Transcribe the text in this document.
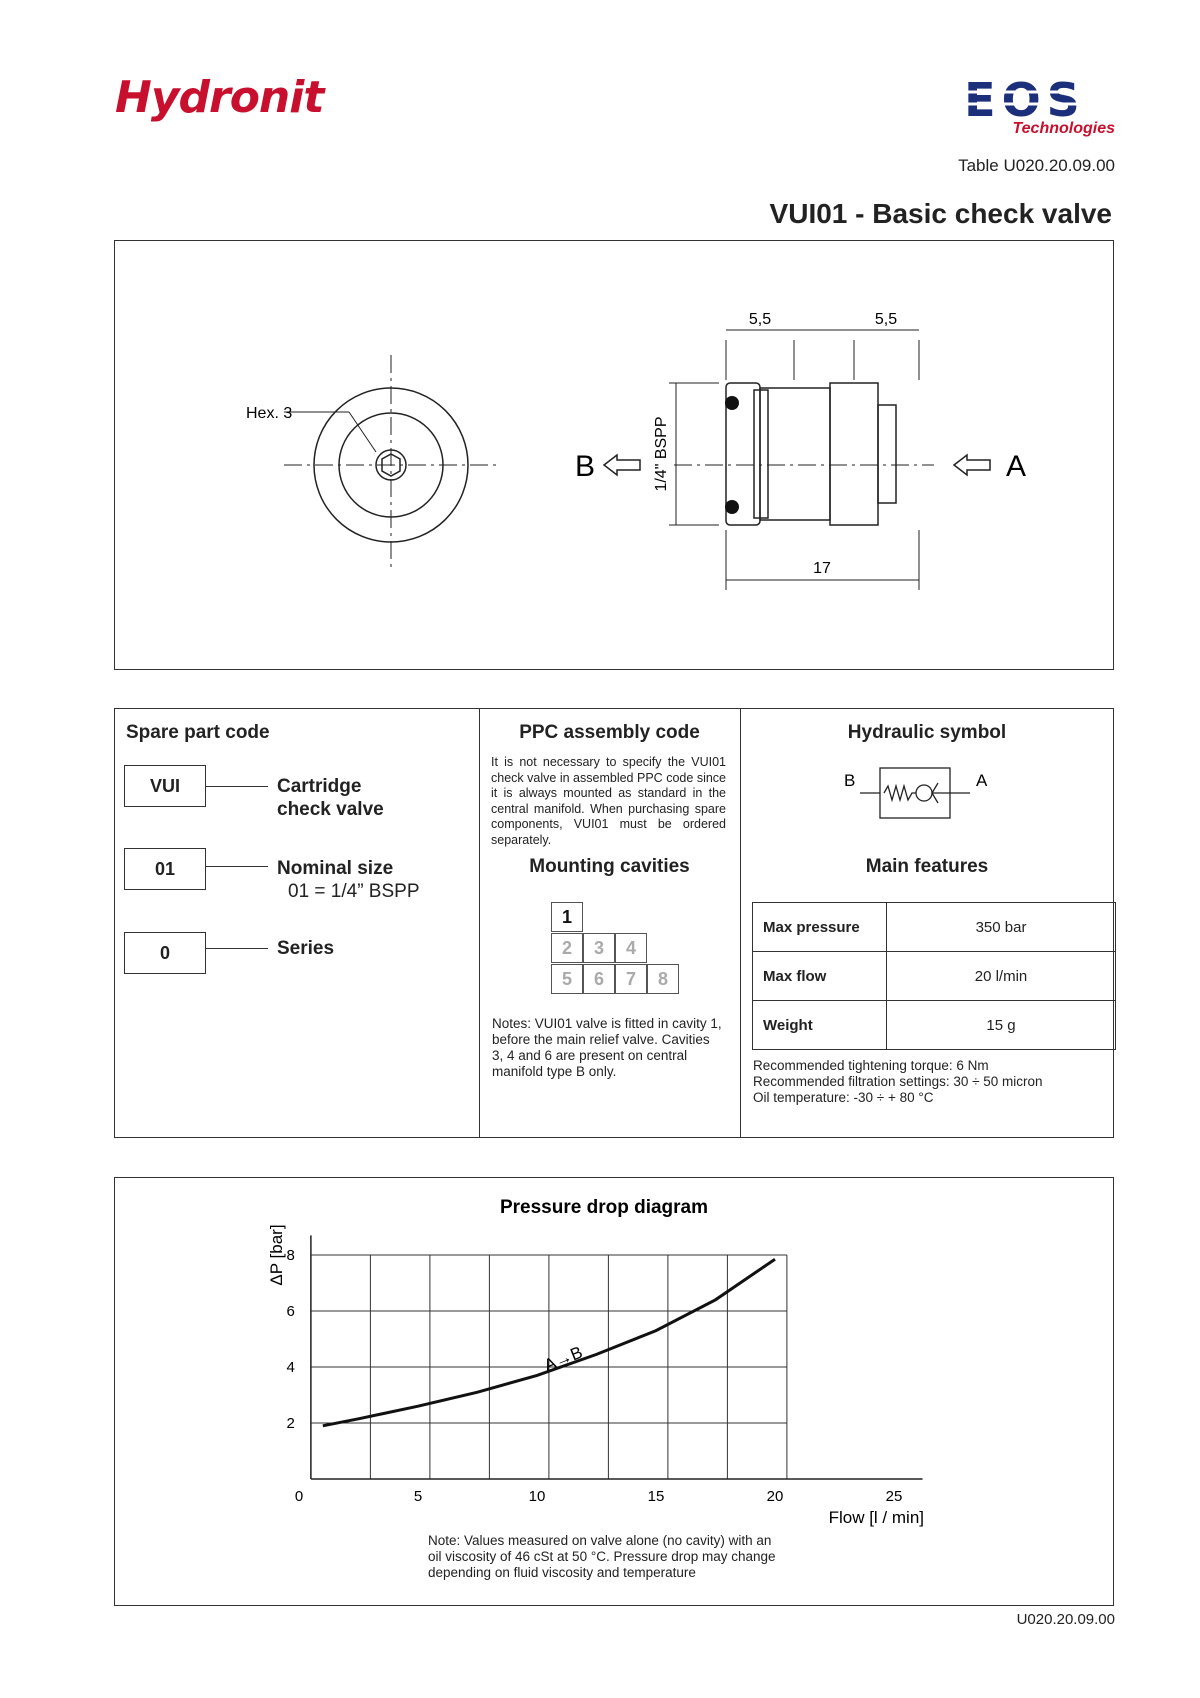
Hydronit	EOS
Technologies
Table U020.20.09.00
VUI01 - Basic check valve
Hex. 3
5,5	5,5
17
1/4" BSPP
B	A
Spare part code
VUI	Cartridge
check valve
01	Nominal size
01 = 1/4” BSPP
0	Series
PPC assembly code
It is not necessary to specify the VUI01 check valve in assembled PPC code since it is always mounted as standard in the central manifold. When purchasing spare components, VUI01 must be ordered separately.
Mounting cavities
1
2	3	4
5	6	7	8
Notes: VUI01 valve is fitted in cavity 1, before the main relief valve. Cavities 3, 4 and 6 are present on central manifold type B only.
Hydraulic symbol
B	A
Main features
Max pressure	350 bar
Max flow	20 l/min
Weight	15 g
Recommended tightening torque: 6 Nm
Recommended filtration settings: 30 ÷ 50 micron
Oil temperature: -30 ÷ + 80 °C
Pressure drop diagram
ΔP [bar]
Flow [l / min]
0	5	10	15	20	25
2
4
6
8
A→B
Note: Values measured on valve alone (no cavity) with an oil viscosity of 46 cSt at 50 °C. Pressure drop may change depending on fluid viscosity and temperature
U020.20.09.00
